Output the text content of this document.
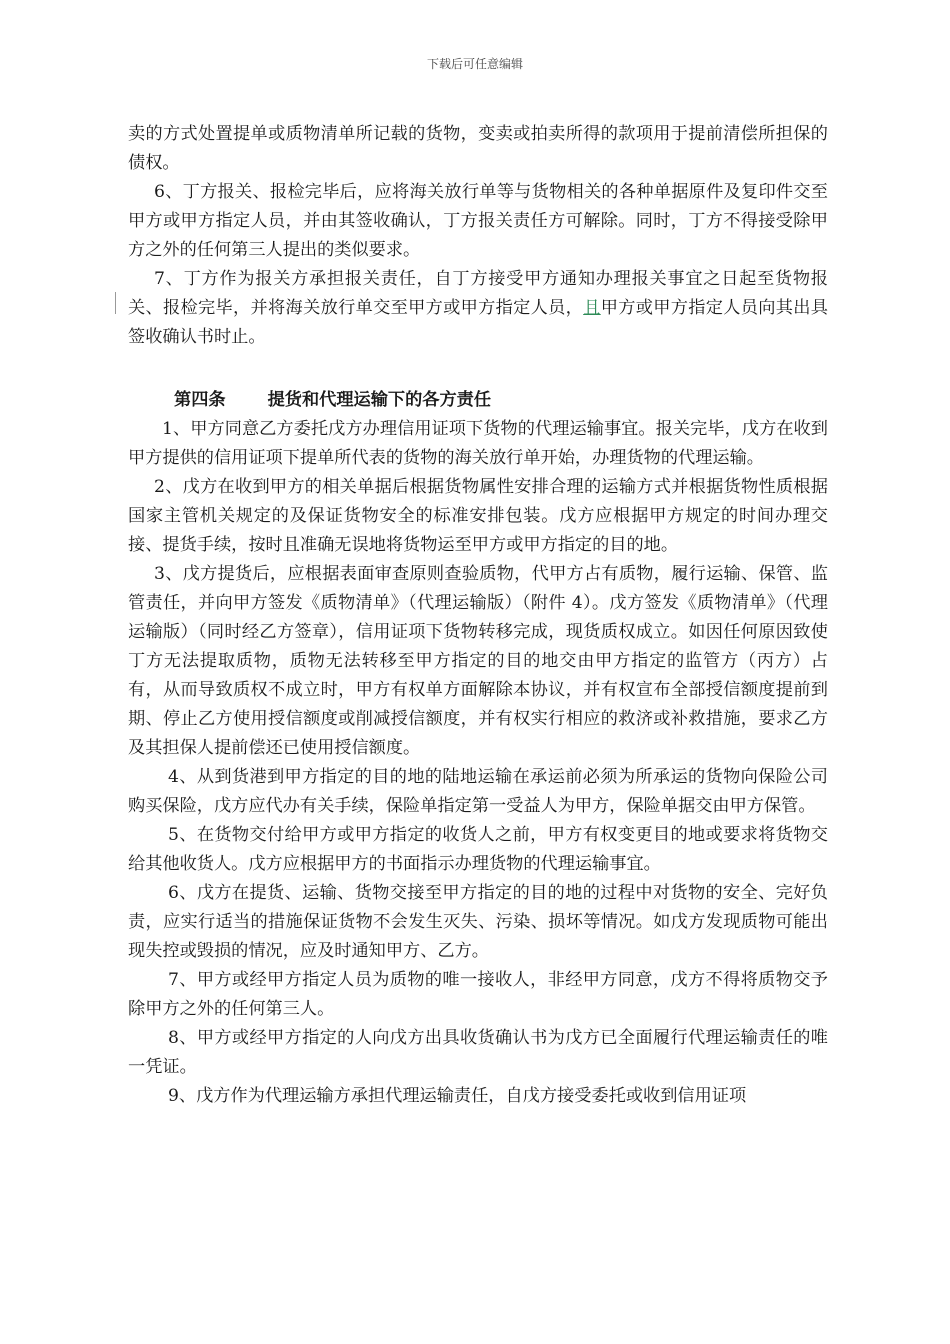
下载后可任意编辑

卖的方式处置提单或质物清单所记载的货物，变卖或拍卖所得的款项用于提前清偿所担保的债权。

6、丁方报关、报检完毕后，应将海关放行单等与货物相关的各种单据原件及复印件交至甲方或甲方指定人员，并由其签收确认，丁方报关责任方可解除。同时，丁方不得接受除甲方之外的任何第三人提出的类似要求。

7、丁方作为报关方承担报关责任，自丁方接受甲方通知办理报关事宜之日起至货物报关、报检完毕，并将海关放行单交至甲方或甲方指定人员，且甲方或甲方指定人员向其出具签收确认书时止。

第四条 提货和代理运输下的各方责任

1、甲方同意乙方委托戊方办理信用证项下货物的代理运输事宜。报关完毕，戊方在收到甲方提供的信用证项下提单所代表的货物的海关放行单开始，办理货物的代理运输。

2、戊方在收到甲方的相关单据后根据货物属性安排合理的运输方式并根据货物性质根据国家主管机关规定的及保证货物安全的标准安排包装。戊方应根据甲方规定的时间办理交接、提货手续，按时且准确无误地将货物运至甲方或甲方指定的目的地。

3、戊方提货后，应根据表面审查原则查验质物，代甲方占有质物，履行运输、保管、监管责任，并向甲方签发《质物清单》（代理运输版）（附件 4）。戊方签发《质物清单》（代理运输版）（同时经乙方签章），信用证项下货物转移完成，现货质权成立。如因任何原因致使丁方无法提取质物，质物无法转移至甲方指定的目的地交由甲方指定的监管方（丙方）占有，从而导致质权不成立时，甲方有权单方面解除本协议，并有权宣布全部授信额度提前到期、停止乙方使用授信额度或削减授信额度，并有权实行相应的救济或补救措施，要求乙方及其担保人提前偿还已使用授信额度。

4、从到货港到甲方指定的目的地的陆地运输在承运前必须为所承运的货物向保险公司购买保险，戊方应代办有关手续，保险单指定第一受益人为甲方，保险单据交由甲方保管。

5、在货物交付给甲方或甲方指定的收货人之前，甲方有权变更目的地或要求将货物交给其他收货人。戊方应根据甲方的书面指示办理货物的代理运输事宜。

6、戊方在提货、运输、货物交接至甲方指定的目的地的过程中对货物的安全、完好负责，应实行适当的措施保证货物不会发生灭失、污染、损坏等情况。如戊方发现质物可能出现失控或毁损的情况，应及时通知甲方、乙方。

7、甲方或经甲方指定人员为质物的唯一接收人，非经甲方同意，戊方不得将质物交予除甲方之外的任何第三人。

8、甲方或经甲方指定的人向戊方出具收货确认书为戊方已全面履行代理运输责任的唯一凭证。

9、戊方作为代理运输方承担代理运输责任，自戊方接受委托或收到信用证项
